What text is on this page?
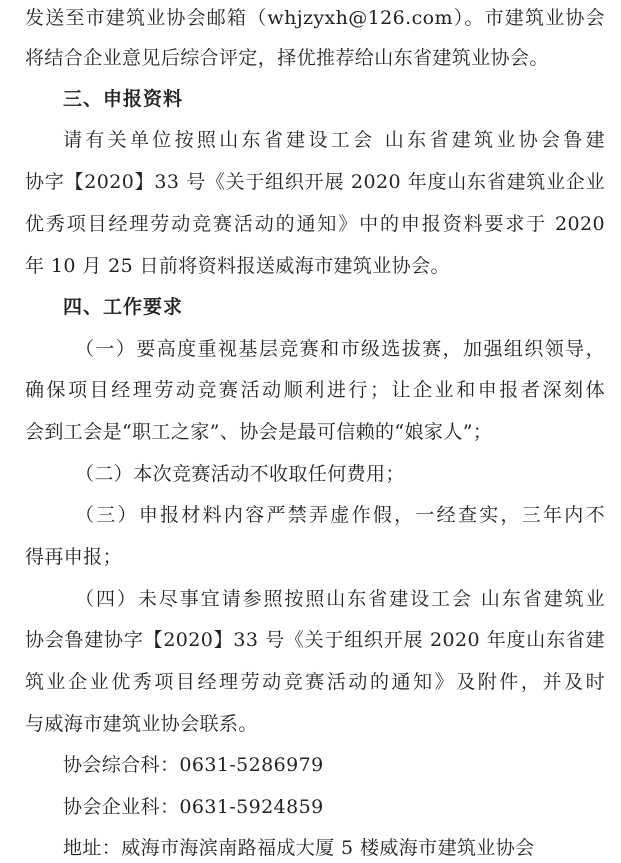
发送至市建筑业协会邮箱（whjzyxh@126.com）。市建筑业协会
将结合企业意见后综合评定，择优推荐给山东省建筑业协会。
三、申报资料
请有关单位按照山东省建设工会 山东省建筑业协会鲁建
协字【2020】33 号《关于组织开展 2020 年度山东省建筑业企业
优秀项目经理劳动竞赛活动的通知》中的申报资料要求于 2020
年 10 月 25 日前将资料报送威海市建筑业协会。
四、工作要求
（一）要高度重视基层竞赛和市级选拔赛，加强组织领导，
确保项目经理劳动竞赛活动顺利进行；让企业和申报者深刻体
会到工会是“职工之家”、协会是最可信赖的“娘家人”；
（二）本次竞赛活动不收取任何费用；
（三）申报材料内容严禁弄虚作假，一经查实，三年内不
得再申报；
（四）未尽事宜请参照按照山东省建设工会 山东省建筑业
协会鲁建协字【2020】33 号《关于组织开展 2020 年度山东省建
筑业企业优秀项目经理劳动竞赛活动的通知》及附件，并及时
与威海市建筑业协会联系。
协会综合科：0631-5286979
协会企业科：0631-5924859
地址：威海市海滨南路福成大厦 5 楼威海市建筑业协会
